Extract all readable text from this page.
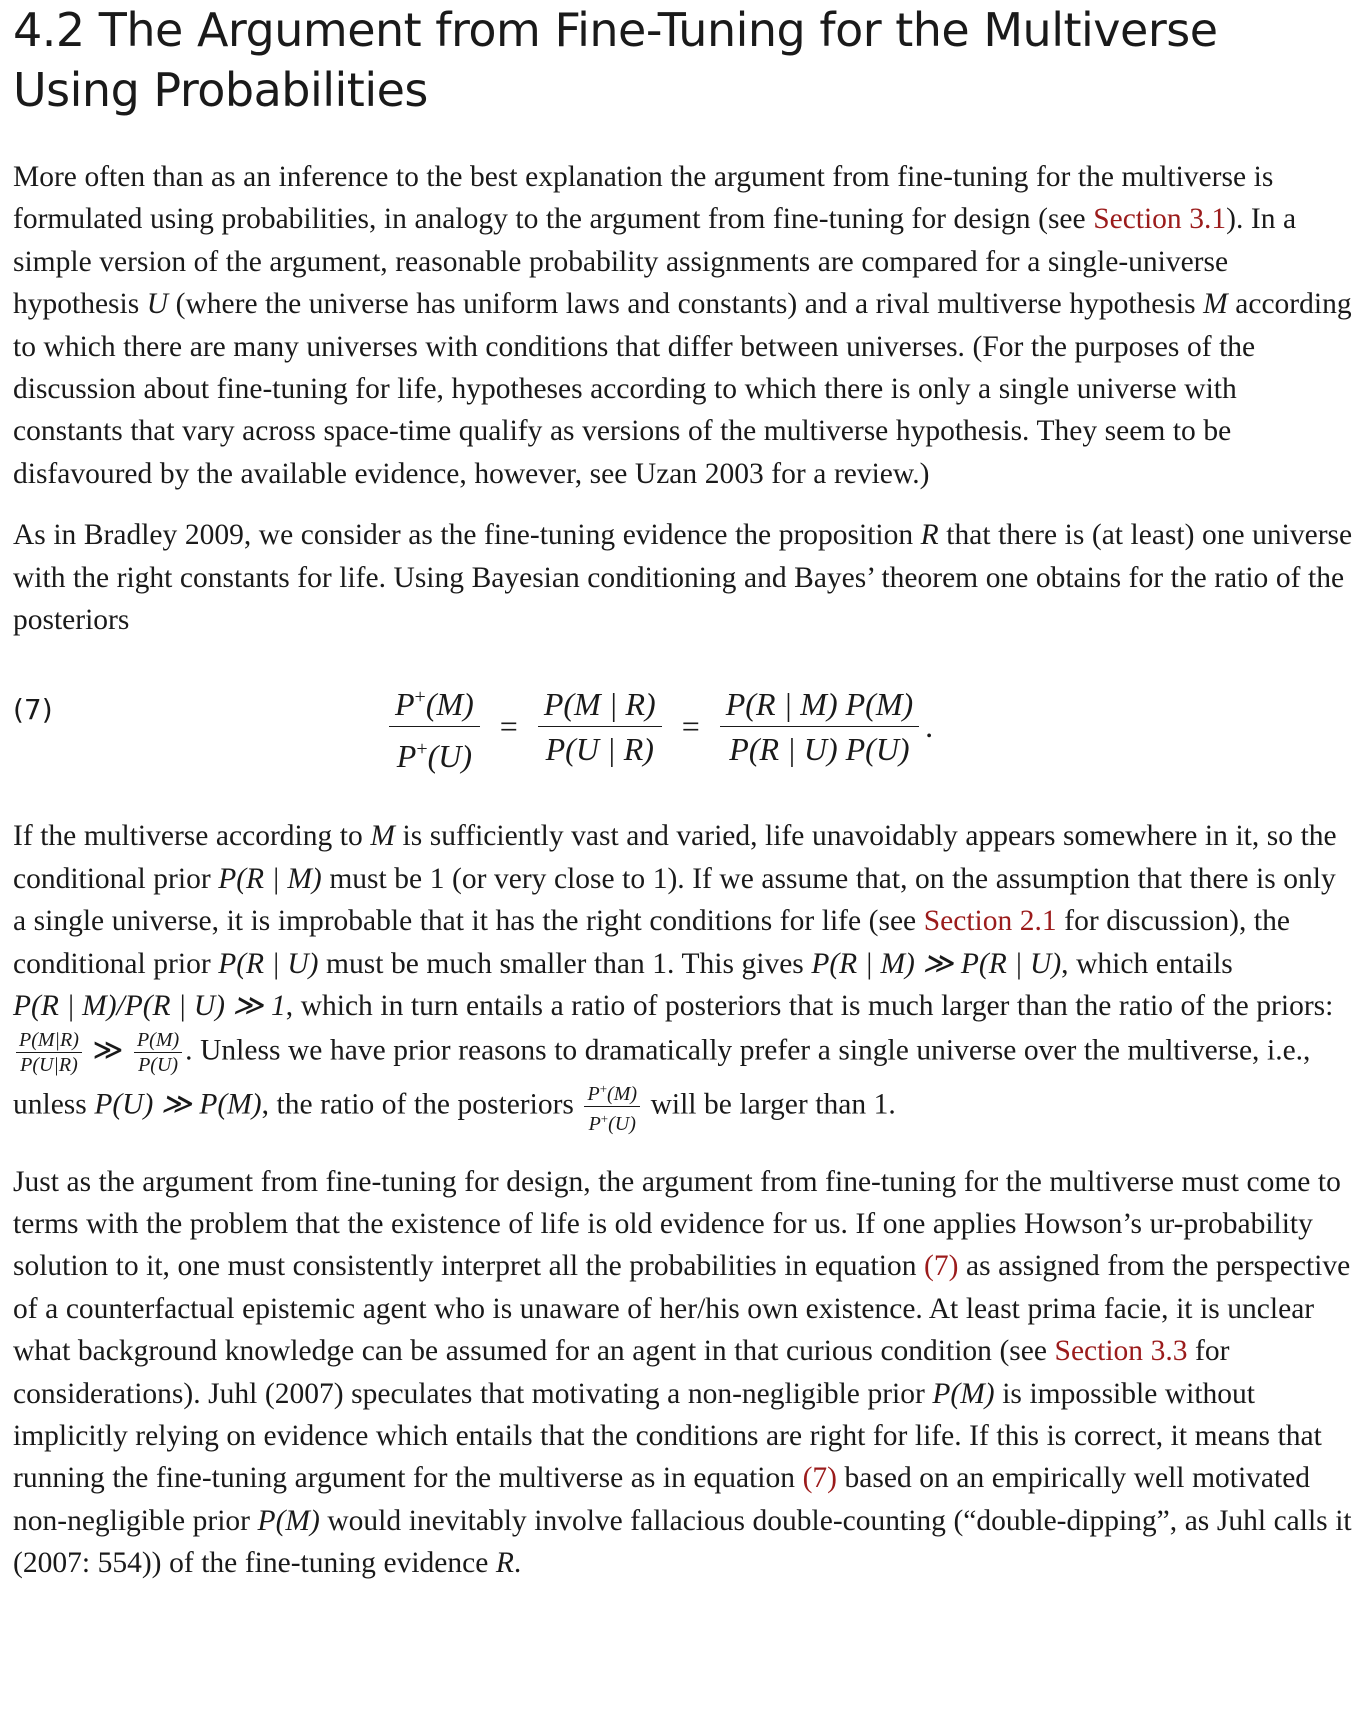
4.2 The Argument from Fine-Tuning for the Multiverse Using Probabilities

More often than as an inference to the best explanation the argument from fine-tuning for the multiverse is formulated using probabilities, in analogy to the argument from fine-tuning for design (see Section 3.1). In a simple version of the argument, reasonable probability assignments are compared for a single-universe hypothesis U (where the universe has uniform laws and constants) and a rival multiverse hypothesis M according to which there are many universes with conditions that differ between universes. (For the purposes of the discussion about fine-tuning for life, hypotheses according to which there is only a single universe with constants that vary across space-time qualify as versions of the multiverse hypothesis. They seem to be disfavoured by the available evidence, however, see Uzan 2003 for a review.)

As in Bradley 2009, we consider as the fine-tuning evidence the proposition R that there is (at least) one universe with the right constants for life. Using Bayesian conditioning and Bayes’ theorem one obtains for the ratio of the posteriors

(7)	$\frac{P^+(M)}{P^+(U)} = \frac{P(M | R)}{P(U | R)} = \frac{P(R | M) P(M)}{P(R | U) P(U)}$ .

If the multiverse according to M is sufficiently vast and varied, life unavoidably appears somewhere in it, so the conditional prior P(R | M) must be 1 (or very close to 1). If we assume that, on the assumption that there is only a single universe, it is improbable that it has the right conditions for life (see Section 2.1 for discussion), the conditional prior P(R | U) must be much smaller than 1. This gives P(R | M) ≫ P(R | U), which entails P(R | M)/P(R | U) ≫ 1, which in turn entails a ratio of posteriors that is much larger than the ratio of the priors:
$\frac{P(M|R)}{P(U|R)}$ ≫ $\frac{P(M)}{P(U)}$ . Unless we have prior reasons to dramatically prefer a single universe over the multiverse, i.e., unless P(U) ≫ P(M), the ratio of the posteriors $\frac{P^+(M)}{P^+(U)}$ will be larger than 1.

Just as the argument from fine-tuning for design, the argument from fine-tuning for the multiverse must come to terms with the problem that the existence of life is old evidence for us. If one applies Howson’s ur-probability solution to it, one must consistently interpret all the probabilities in equation (7) as assigned from the perspective of a counterfactual epistemic agent who is unaware of her/his own existence. At least prima facie, it is unclear what background knowledge can be assumed for an agent in that curious condition (see Section 3.3 for considerations). Juhl (2007) speculates that motivating a non-negligible prior P(M) is impossible without implicitly relying on evidence which entails that the conditions are right for life. If this is correct, it means that running the fine-tuning argument for the multiverse as in equation (7) based on an empirically well motivated non-negligible prior P(M) would inevitably involve fallacious double-counting (“double-dipping”, as Juhl calls it (2007: 554)) of the fine-tuning evidence R.
